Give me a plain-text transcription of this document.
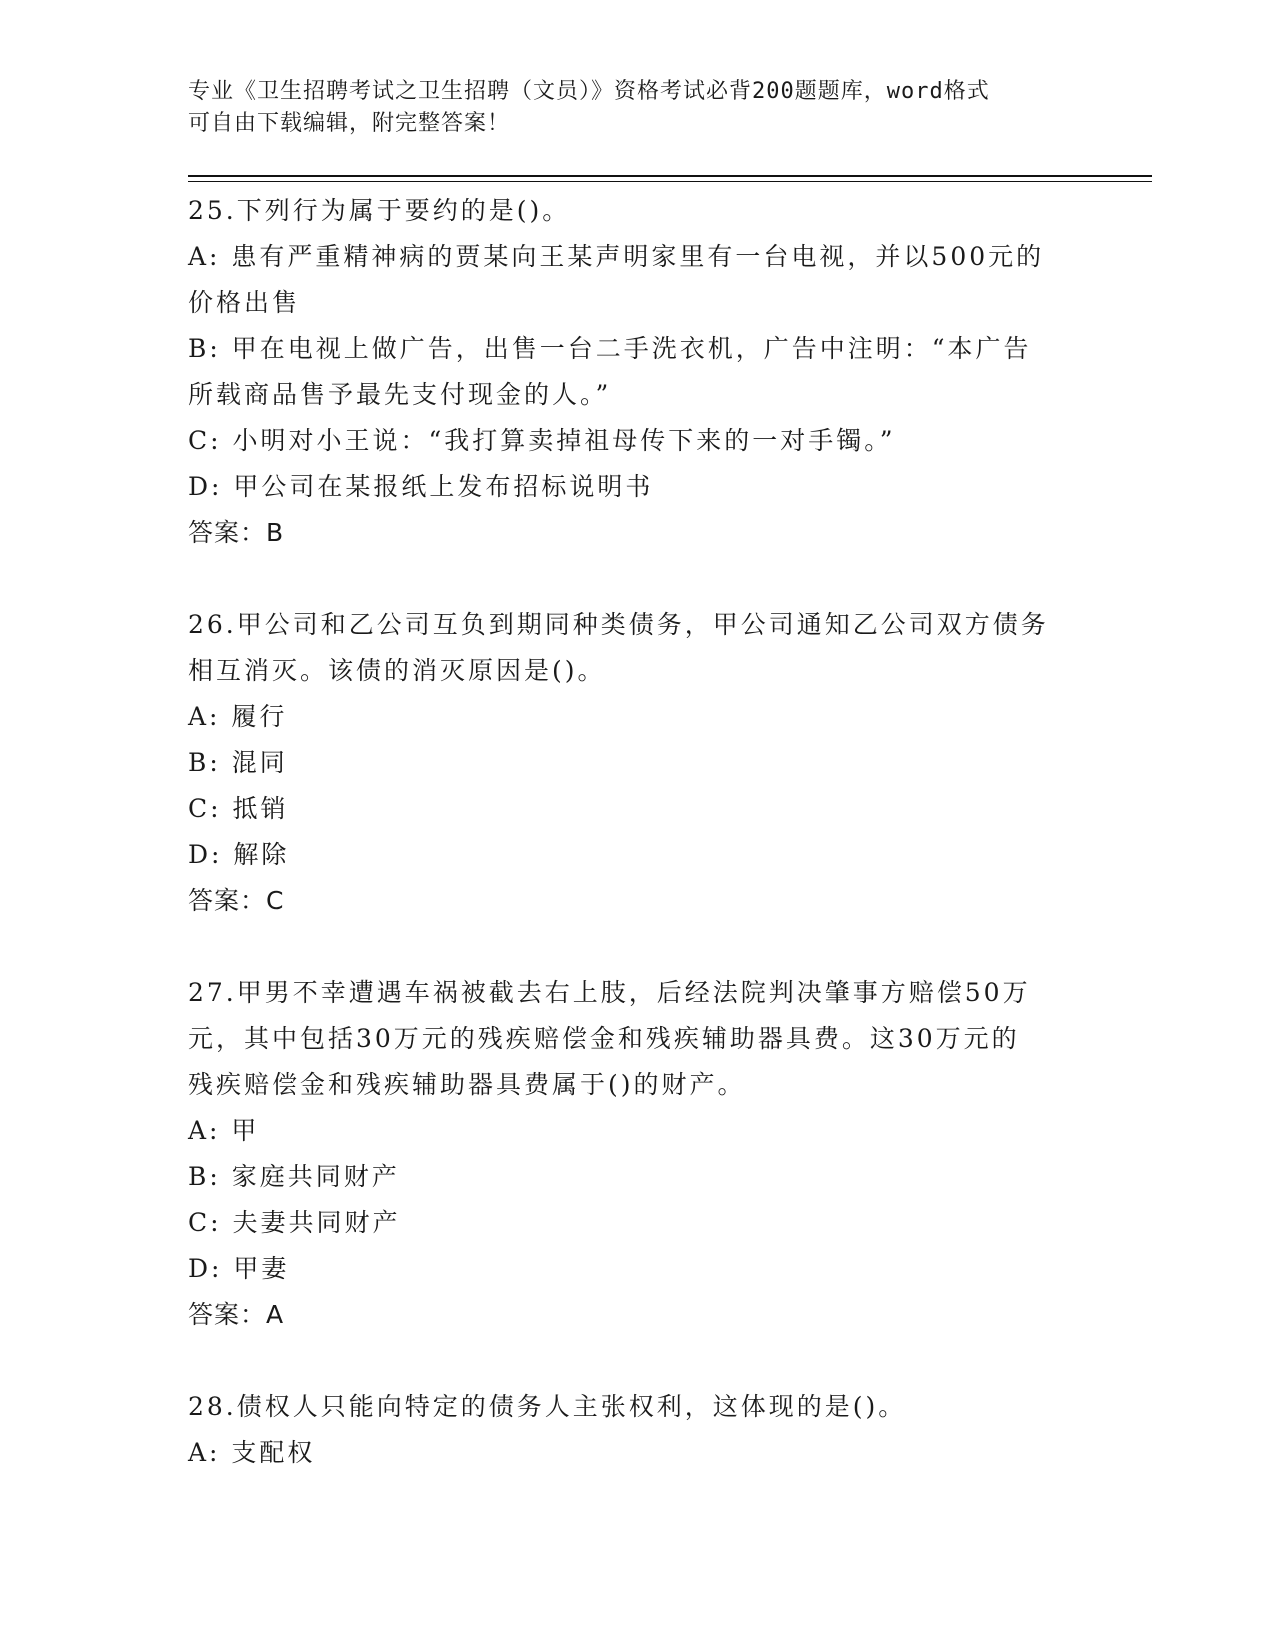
专业《卫生招聘考试之卫生招聘（文员）》资格考试必背200题题库，word格式
可自由下载编辑，附完整答案！
25.下列行为属于要约的是()。
A: 患有严重精神病的贾某向王某声明家里有一台电视，并以500元的
价格出售
B: 甲在电视上做广告，出售一台二手洗衣机，广告中注明：“本广告
所载商品售予最先支付现金的人。”
C: 小明对小王说：“我打算卖掉祖母传下来的一对手镯。”
D: 甲公司在某报纸上发布招标说明书
答案：B
26.甲公司和乙公司互负到期同种类债务，甲公司通知乙公司双方债务
相互消灭。该债的消灭原因是()。
A: 履行
B: 混同
C: 抵销
D: 解除
答案：C
27.甲男不幸遭遇车祸被截去右上肢，后经法院判决肇事方赔偿50万
元，其中包括30万元的残疾赔偿金和残疾辅助器具费。这30万元的
残疾赔偿金和残疾辅助器具费属于()的财产。
A: 甲
B: 家庭共同财产
C: 夫妻共同财产
D: 甲妻
答案：A
28.债权人只能向特定的债务人主张权利，这体现的是()。
A: 支配权
